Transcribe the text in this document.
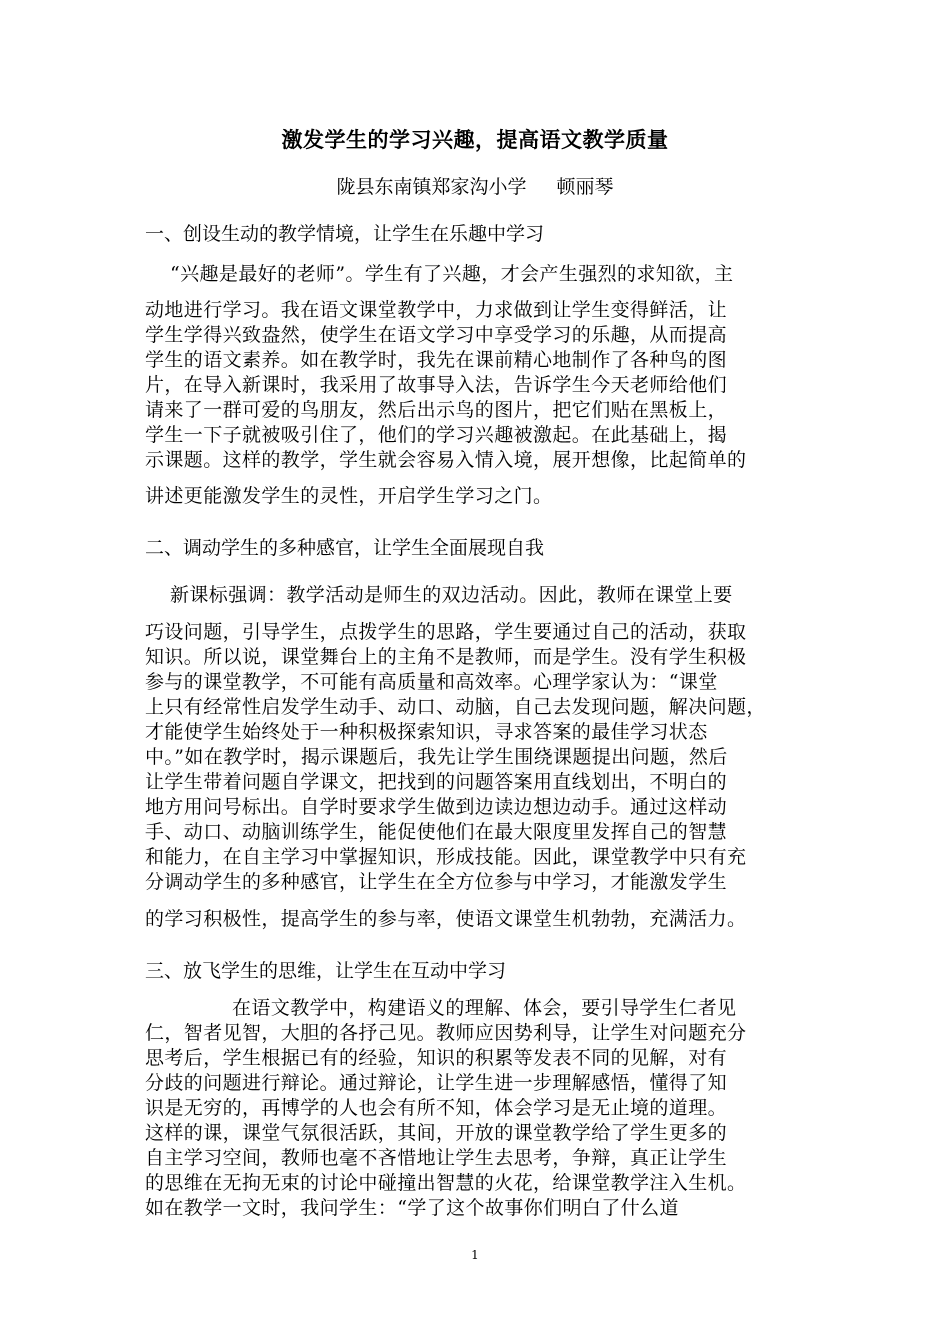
激发学生的学习兴趣，提高语文教学质量
陇县东南镇郑家沟小学 顿丽琴
一、创设生动的教学情境，让学生在乐趣中学习
“兴趣是最好的老师”。学生有了兴趣，才会产生强烈的求知欲，主
动地进行学习。我在语文课堂教学中，力求做到让学生变得鲜活，让
学生学得兴致盎然，使学生在语文学习中享受学习的乐趣，从而提高
学生的语文素养。如在教学时，我先在课前精心地制作了各种鸟的图
片，在导入新课时，我采用了故事导入法，告诉学生今天老师给他们
请来了一群可爱的鸟朋友，然后出示鸟的图片，把它们贴在黑板上，
学生一下子就被吸引住了，他们的学习兴趣被激起。在此基础上，揭
示课题。这样的教学，学生就会容易入情入境，展开想像，比起简单的
讲述更能激发学生的灵性，开启学生学习之门。
二、调动学生的多种感官，让学生全面展现自我
新课标强调：教学活动是师生的双边活动。因此，教师在课堂上要
巧设问题，引导学生，点拨学生的思路，学生要通过自己的活动，获取
知识。所以说，课堂舞台上的主角不是教师，而是学生。没有学生积极
参与的课堂教学，不可能有高质量和高效率。心理学家认为：“课堂
上只有经常性启发学生动手、动口、动脑，自己去发现问题，解决问题，
才能使学生始终处于一种积极探索知识，寻求答案的最佳学习状态
中。”如在教学时，揭示课题后，我先让学生围绕课题提出问题，然后
让学生带着问题自学课文，把找到的问题答案用直线划出，不明白的
地方用问号标出。自学时要求学生做到边读边想边动手。通过这样动
手、动口、动脑训练学生，能促使他们在最大限度里发挥自己的智慧
和能力，在自主学习中掌握知识，形成技能。因此，课堂教学中只有充
分调动学生的多种感官，让学生在全方位参与中学习，才能激发学生
的学习积极性，提高学生的参与率，使语文课堂生机勃勃，充满活力。
三、放飞学生的思维，让学生在互动中学习
在语文教学中，构建语义的理解、体会，要引导学生仁者见
仁，智者见智，大胆的各抒己见。教师应因势利导，让学生对问题充分
思考后，学生根据已有的经验，知识的积累等发表不同的见解，对有
分歧的问题进行辩论。通过辩论，让学生进一步理解感悟，懂得了知
识是无穷的，再博学的人也会有所不知，体会学习是无止境的道理。
这样的课，课堂气氛很活跃，其间，开放的课堂教学给了学生更多的
自主学习空间，教师也毫不吝惜地让学生去思考，争辩，真正让学生
的思维在无拘无束的讨论中碰撞出智慧的火花，给课堂教学注入生机。
如在教学一文时，我问学生：“学了这个故事你们明白了什么道
1
